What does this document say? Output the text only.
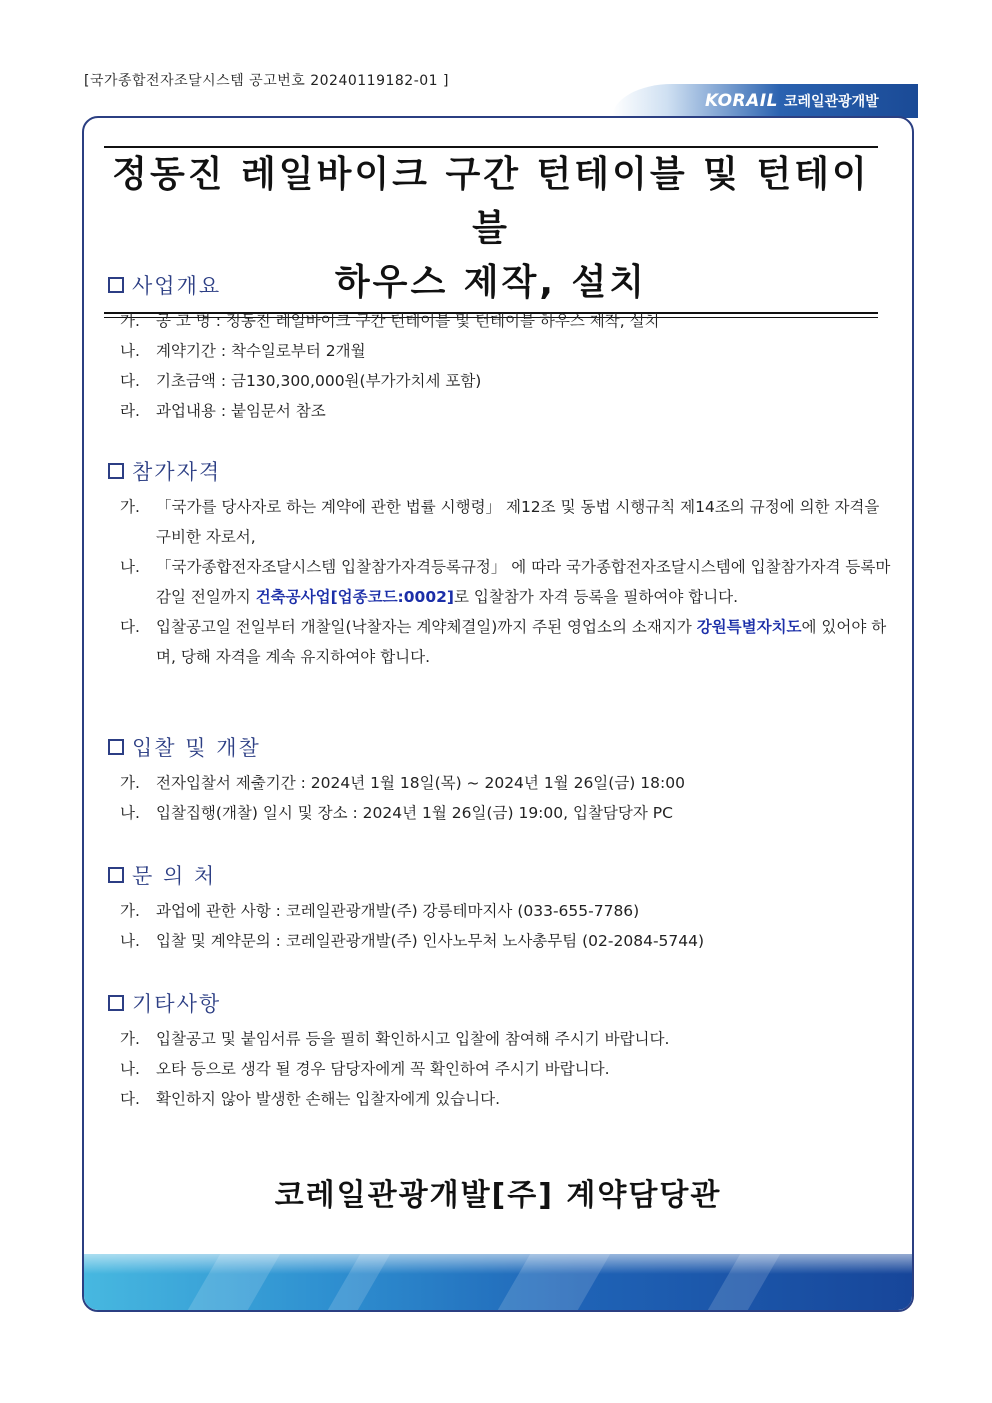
[국가종합전자조달시스템 공고번호 20240119182-01 ]
KORAIL 코레일관광개발
정동진 레일바이크 구간 턴테이블 및 턴테이블
하우스 제작, 설치
사업개요
가.	공 고 명 : 정동진 레일바이크 구간 턴테이블 및 턴테이블 하우스 제작, 설치
나.	계약기간 : 착수일로부터 2개월
다.	기초금액 : 금130,300,000원(부가가치세 포함)
라.	과업내용 : 붙임문서 참조
참가자격
가.	「국가를 당사자로 하는 계약에 관한 법률 시행령」 제12조 및 동법 시행규칙 제14조의 규정에 의한 자격을 구비한 자로서,
나.	「국가종합전자조달시스템 입찰참가자격등록규정」 에 따라 국가종합전자조달시스템에 입찰참가자격 등록마감일 전일까지 건축공사업[업종코드:0002]로 입찰참가 자격 등록을 필하여야 합니다.
다.	입찰공고일 전일부터 개찰일(낙찰자는 계약체결일)까지 주된 영업소의 소재지가 강원특별자치도에 있어야 하며, 당해 자격을 계속 유지하여야 합니다.
입찰 및 개찰
가.	전자입찰서 제출기간 : 2024년 1월 18일(목) ~ 2024년 1월 26일(금) 18:00
나.	입찰집행(개찰) 일시 및 장소 : 2024년 1월 26일(금) 19:00, 입찰담당자 PC
문 의 처
가.	과업에 관한 사항 : 코레일관광개발(주) 강릉테마지사 (033-655-7786)
나.	입찰 및 계약문의 : 코레일관광개발(주) 인사노무처 노사총무팀 (02-2084-5744)
기타사항
가.	입찰공고 및 붙임서류 등을 필히 확인하시고 입찰에 참여해 주시기 바랍니다.
나.	오타 등으로 생각 될 경우 담당자에게 꼭 확인하여 주시기 바랍니다.
다.	확인하지 않아 발생한 손해는 입찰자에게 있습니다.
코레일관광개발[주] 계약담당관
